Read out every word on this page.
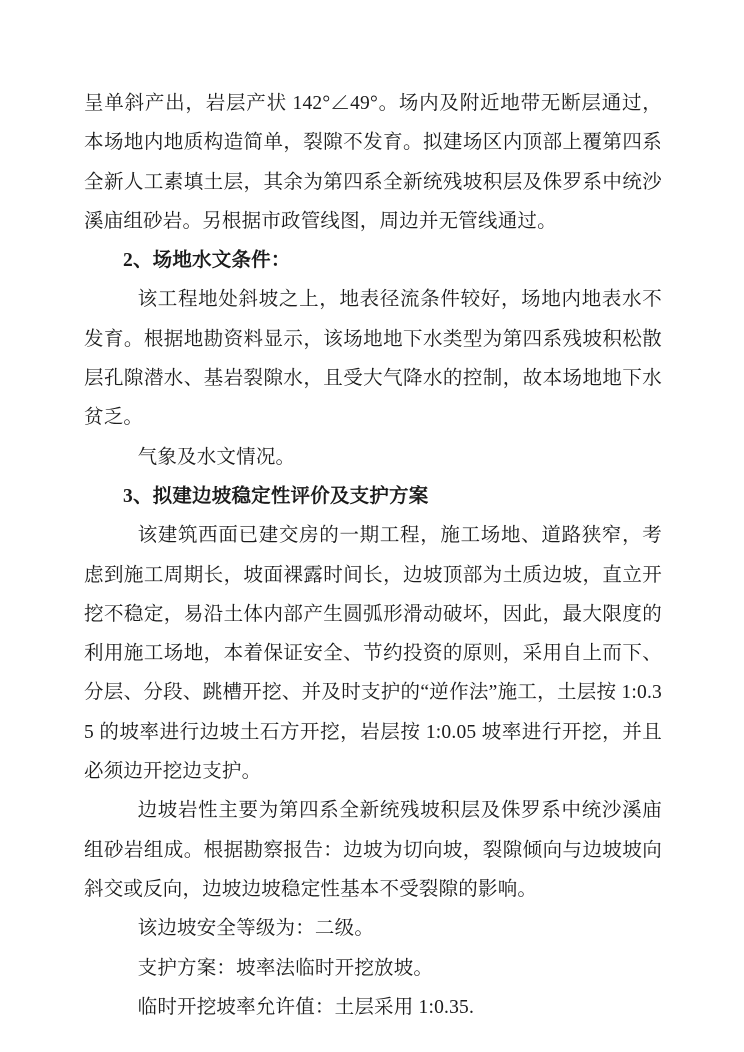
呈单斜产出，岩层产状 142°∠49°。场内及附近地带无断层通过，本场地内地质构造简单，裂隙不发育。拟建场区内顶部上覆第四系全新人工素填土层，其余为第四系全新统残坡积层及侏罗系中统沙溪庙组砂岩。另根据市政管线图，周边并无管线通过。

2、场地水文条件：

该工程地处斜坡之上，地表径流条件较好，场地内地表水不发育。根据地勘资料显示，该场地地下水类型为第四系残坡积松散层孔隙潜水、基岩裂隙水，且受大气降水的控制，故本场地地下水贫乏。

气象及水文情况。

3、拟建边坡稳定性评价及支护方案

该建筑西面已建交房的一期工程，施工场地、道路狭窄，考虑到施工周期长，坡面裸露时间长，边坡顶部为土质边坡，直立开挖不稳定，易沿土体内部产生圆弧形滑动破坏，因此，最大限度的利用施工场地，本着保证安全、节约投资的原则，采用自上而下、分层、分段、跳槽开挖、并及时支护的“逆作法”施工，土层按 1:0.35 的坡率进行边坡土石方开挖，岩层按 1:0.05 坡率进行开挖，并且必须边开挖边支护。

边坡岩性主要为第四系全新统残坡积层及侏罗系中统沙溪庙组砂岩组成。根据勘察报告：边坡为切向坡，裂隙倾向与边坡坡向斜交或反向，边坡边坡稳定性基本不受裂隙的影响。

该边坡安全等级为：二级。

支护方案：坡率法临时开挖放坡。

临时开挖坡率允许值：土层采用 1:0.35.
